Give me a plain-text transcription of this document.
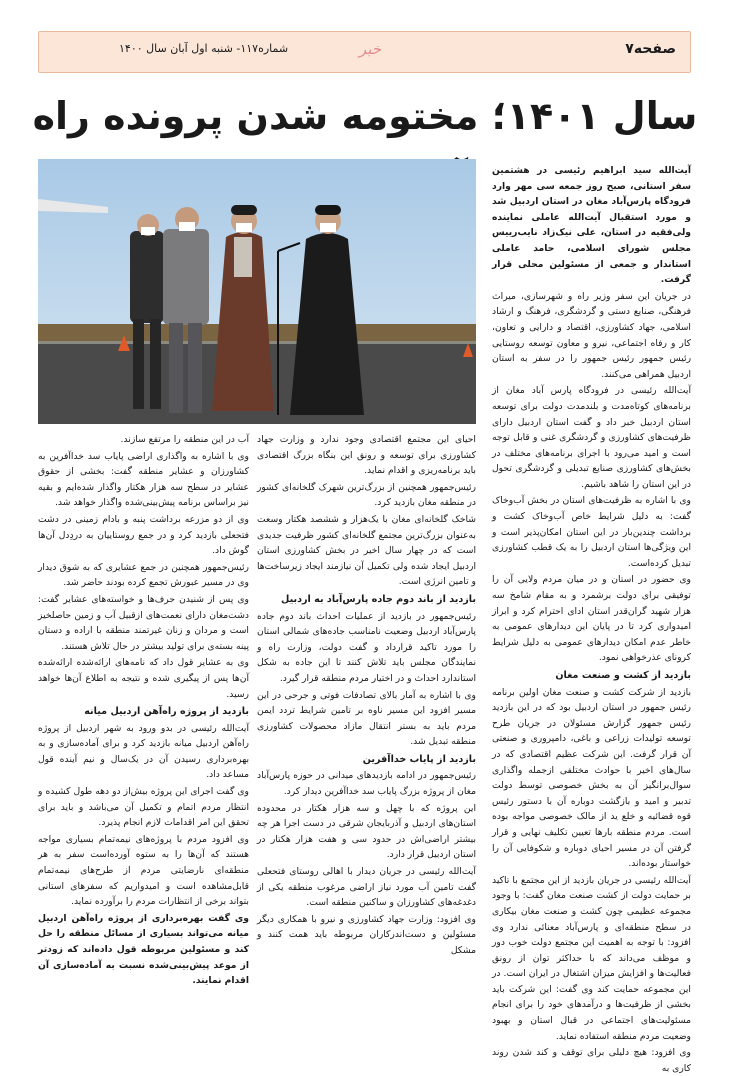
صفحه۷
خبر
شماره۱۱۷- شنبه اول آبان سال ۱۴۰۰
سال ۱۴۰۱؛ مختومه شدن پرونده راه

آیت‌الله سید ابراهیم رئیسی در هشتمین سفر استانی، صبح روز جمعه سی مهر وارد فرودگاه پارس‌آباد مغان در استان اردبیل شد و مورد استقبال آیت‌الله عاملی نماینده ولی‌فقیه در استان، علی نیک‌زاد نایب‌رییس مجلس شورای اسلامی، حامد عاملی استاندار و جمعی از مسئولین محلی قرار گرفت.

در جریان این سفر وزیر راه و شهرسازی، میراث فرهنگی، صنایع دستی و گردشگری، فرهنگ و ارشاد اسلامی، جهاد کشاورزی، اقتصاد و دارایی و تعاون، کار و رفاه اجتماعی، نیرو و معاون توسعه روستایی رئیس جمهور رئیس جمهور را در سفر به استان اردبیل همراهی می‌کنند.

آیت‌الله رئیسی در فرودگاه پارس آباد مغان از برنامه‌های کوتاه‌مدت و بلندمدت دولت برای توسعه استان اردبیل خبر داد و گفت استان اردبیل دارای ظرفیت‌های کشاورزی و گردشگری غنی و قابل توجه است و امید می‌رود با اجرای برنامه‌های مختلف در بخش‌های کشاورزی صنایع تبدیلی و گردشگری تحول در این استان را شاهد باشیم.

وی با اشاره به ظرفیت‌های استان در بخش آب‌وخاک گفت: به دلیل شرایط خاص آب‌وخاک کشت و برداشت چندین‌بار در این استان امکان‌پذیر است و این ویژگی‌ها استان اردبیل را به یک قطب کشاورزی تبدیل کرده‌است.

وی حضور در استان و در میان مردم ولایی آن را توفیقی برای دولت برشمرد و به مقام شامخ سه هزار شهید گران‌قدر استان ادای احترام کرد و ابراز امیدواری کرد تا در پایان این دیدارهای عمومی به خاطر عدم امکان دیدارهای عمومی به دلیل شرایط کرونای عذرخواهی نمود.

بازدید از کشت و صنعت مغان

بازدید از شرکت کشت و صنعت مغان اولین برنامه رئیس جمهور در استان اردبیل بود که در این بازدید رئیس جمهور گزارش مسئولان در جریان طرح توسعه تولیدات زراعی و باغی، دامپروری و صنعتی آن قرار گرفت. این شرکت عظیم اقتصادی که در سال‌های اخیر با حوادث مختلفی ازجمله واگذاری سوال‌برانگیز آن به بخش خصوصی توسط دولت تدبیر و امید و بازگشت دوباره آن با دستور رئیس قوه قضائیه و خلع ید از مالک خصوصی مواجه بوده است. مردم منطقه بارها تعیین تکلیف نهایی و قرار گرفتن آن در مسیر احیای دوباره و شکوفایی آن را خواستار بوده‌اند.

آیت‌الله رئیسی در جریان بازدید از این مجتمع با تاکید بر حمایت دولت از کشت صنعت مغان گفت: با وجود مجموعه عظیمی چون کشت و صنعت مغان بیکاری در سطح منطقه‌ای و پارس‌آباد معنائی ندارد وی افزود: با توجه به اهمیت این مجتمع دولت خوب دور و موظف می‌داند که با حداکثر توان از رونق فعالیت‌ها و افزایش میزان اشتغال در ایران است. در این مجموعه حمایت کند وی گفت: این شرکت باید بخشی از ظرفیت‌ها و درآمدهای خود را برای انجام مسئولیت‌های اجتماعی در قبال استان و بهبود وضعیت مردم منطقه استفاده نماید.

وی افزود: هیچ دلیلی برای توقف و کند شدن روند کاری به

احیای این مجتمع اقتصادی وجود ندارد و وزارت جهاد کشاورزی برای توسعه و رونق این بنگاه بزرگ اقتصادی باید برنامه‌ریزی و اقدام نماید.

رئیس‌جمهور همچنین از بزرگ‌ترین شهرک گلخانه‌ای کشور در منطقه مغان بازدید کرد.

شاخک گلخانه‌ای مغان با یک‌هزار و ششصد هکتار وسعت به‌عنوان بزرگ‌ترین مجتمع گلخانه‌ای کشور ظرفیت جدیدی است که در چهار سال اخیر در بخش کشاورزی استان اردبیل ایجاد شده ولی تکمیل آن نیازمند ایجاد زیرساخت‌ها و تامین انرژی است.

بازدید از باند دوم جاده پارس‌آباد به اردبیل

رئیس‌جمهور در بازدید از عملیات احداث باند دوم جاده پارس‌آباد اردبیل وضعیت نامناسب جاده‌های شمالی استان را مورد تاکید قرارداد و گفت دولت، وزارت راه و نمایندگان مجلس باید تلاش کنند تا این جاده به شکل استاندارد احداث و در اختیار مردم منطقه قرار گیرد.

وی با اشاره به آمار بالای تصادفات فوتی و جرحی در این مسیر افزود این مسیر ناوه بر تامین شرایط تردد ایمن مردم باید به بستر انتقال مازاد محصولات کشاورزی منطقه تبدیل شد.

بازدید از پایاب خداآفرین

رئیس‌جمهور در ادامه بازدیدهای میدانی در حوزه پارس‌آباد مغان از پروژه بزرگ پایاب سد خداآفرین دیدار کرد.

این پروژه که با چهل و سه هزار هکتار در محدوده استان‌های اردبیل و آذربایجان شرقی در دست اجرا هر چه بیشتر اراضی‌اش در حدود سی و هفت هزار هکتار در استان اردبیل قرار دارد.

آیت‌الله رئیسی در جریان دیدار با اهالی روستای فتحعلی گفت تامین آب مورد نیاز اراضی مرغوب منطقه یکی از دغدغه‌های کشاورزان و ساکنین منطقه است.

وی افزود: وزارت جهاد کشاورزی و نیرو با همکاری دیگر مسئولین و دست‌اندرکاران مربوطه باید همت کنند و مشکل

آب در این منطقه را مرتفع سازند.

وی با اشاره به واگذاری اراضی پایاب سد خداآفرین به کشاورزان و عشایر منطقه گفت: بخشی از حقوق عشایر در سطح سه هزار هکتار واگذار شده‌ایم و بقیه نیز براساس برنامه پیش‌بینی‌شده واگذار خواهد شد.

وی از دو مزرعه برداشت پنبه و بادام زمینی در دشت فتحعلی بازدید کرد و در جمع روستاییان به دردِدل آن‌ها گوش داد.

رئیس‌جمهور همچنین در جمع عشایری که به شوق دیدار وی در مسیر عبورش تجمع کرده بودند حاضر شد.

وی پس از شنیدن حرف‌ها و خواسته‌های عشایر گفت: دشت‌مغان دارای نعمت‌های ازقبیل آب و زمین حاصلخیز است و مردان و زنان غیرتمند منطقه با اراده و دستان پینه بسته‌ی برای تولید بیشتر در حال تلاش هستند.

وی به عشایر قول داد که نامه‌های ارائه‌شده ارائه‌شده آن‌ها پس از پیگیری شده و نتیجه به اطلاع آن‌ها خواهد رسید.

بازدید از پروژه راه‌آهن اردبیل میانه

آیت‌الله رئیسی در بدو ورود به شهر اردبیل از پروژه راه‌آهن اردبیل میانه بازدید کرد و برای آماده‌سازی و به بهره‌برداری رسیدن آن در یک‌سال و نیم آینده قول مساعد داد.

وی گفت اجرای این پروژه بیش‌از دو دهه طول کشیده و انتظار مردم اتمام و تکمیل آن می‌باشد و باید برای تحقق این امر اقدامات لازم انجام پذیرد.

وی افزود مردم با پروژه‌های نیمه‌تمام بسیاری مواجه هستند که آن‌ها را به ستوه آورده‌است سفر به هر منطقه‌ای نارضایتی مردم از طرح‌های نیمه‌تمام قابل‌مشاهده است و امیدواریم که سفرهای استانی بتواند برخی از انتظارات مردم را برآورده نماید.

وی گفت بهره‌برداری از پروژه راه‌آهن اردبیل میانه می‌تواند بسیاری از مسائل منطقه را حل کند و مسئولین مربوطه قول داده‌اند که زودتر از موعد پیش‌بینی‌شده نسبت به آماده‌سازی آن اقدام نمایند.
